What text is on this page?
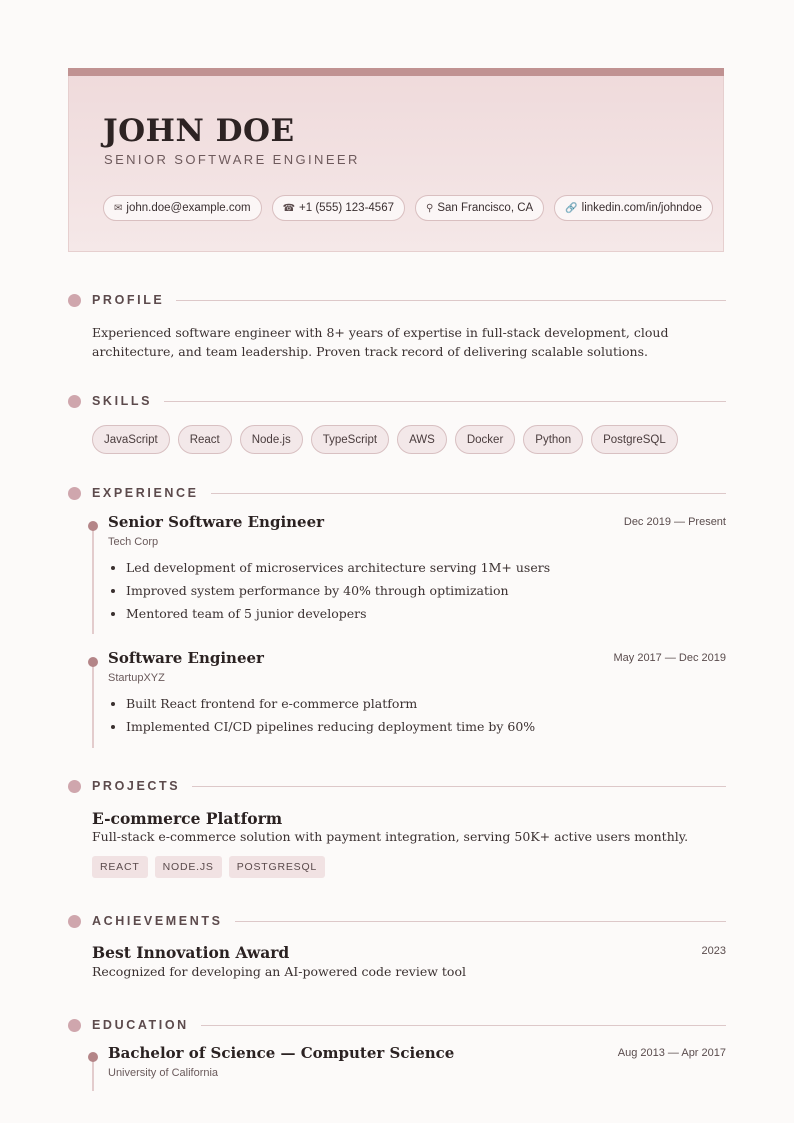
JOHN DOE
SENIOR SOFTWARE ENGINEER
✉ john.doe@example.com	☎ +1 (555) 123-4567	⚲ San Francisco, CA	🔗 linkedin.com/in/johndoe
PROFILE
Experienced software engineer with 8+ years of expertise in full-stack development, cloud architecture, and team leadership. Proven track record of delivering scalable solutions.
SKILLS
JavaScript	React	Node.js	TypeScript	AWS	Docker	Python	PostgreSQL
EXPERIENCE
Senior Software Engineer	Dec 2019 — Present
Tech Corp
• Led development of microservices architecture serving 1M+ users
• Improved system performance by 40% through optimization
• Mentored team of 5 junior developers
Software Engineer	May 2017 — Dec 2019
StartupXYZ
• Built React frontend for e-commerce platform
• Implemented CI/CD pipelines reducing deployment time by 60%
PROJECTS
E-commerce Platform
Full-stack e-commerce solution with payment integration, serving 50K+ active users monthly.
REACT	NODE.JS	POSTGRESQL
ACHIEVEMENTS
Best Innovation Award	2023
Recognized for developing an AI-powered code review tool
EDUCATION
Bachelor of Science — Computer Science	Aug 2013 — Apr 2017
University of California
